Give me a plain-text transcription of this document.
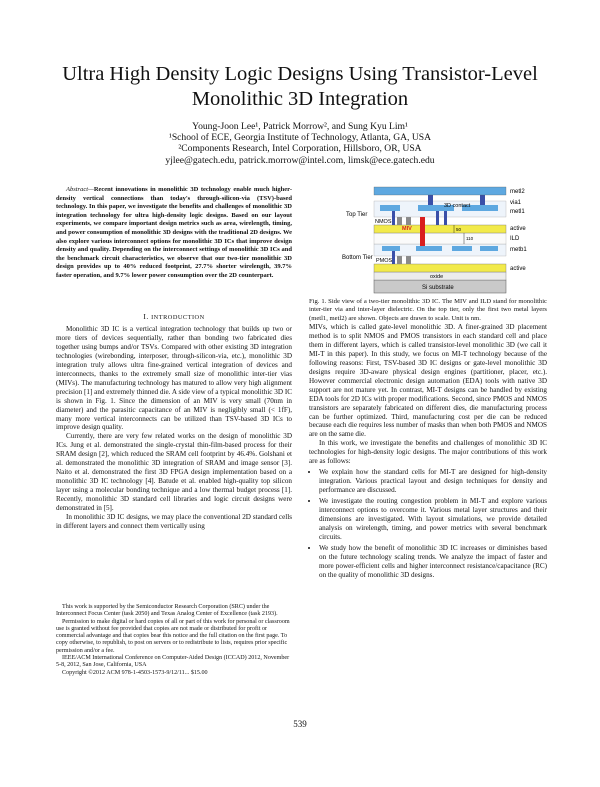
Ultra High Density Logic Designs Using Transistor-Level
Monolithic 3D Integration
Young-Joon Lee¹, Patrick Morrow², and Sung Kyu Lim¹
¹School of ECE, Georgia Institute of Technology, Atlanta, GA, USA
²Components Research, Intel Corporation, Hillsboro, OR, USA
yjlee@gatech.edu, patrick.morrow@intel.com, limsk@ece.gatech.edu

Abstract—Recent innovations in monolithic 3D technology enable much higher-density vertical connections than today's through-silicon-via (TSV)-based technology. In this paper, we investigate the benefits and challenges of monolithic 3D integration technology for ultra high-density logic designs. Based on our layout experiments, we compare important design metrics such as area, wirelength, timing, and power consumption of monolithic 3D designs with the traditional 2D designs. We also explore various interconnect options for monolithic 3D ICs that improve design density and quality. Depending on the interconnect settings of monolithic 3D ICs and the benchmark circuit characteristics, we observe that our two-tier monolithic 3D design provides up to 40% reduced footprint, 27.7% shorter wirelength, 39.7% faster operation, and 9.7% lower power consumption over the 2D counterpart.

I. INTRODUCTION

Monolithic 3D IC is a vertical integration technology that builds up two or more tiers of devices sequentially, rather than bonding two fabricated dies together using bumps and/or TSVs. Compared with other existing 3D integration technologies (wirebonding, interposer, through-silicon-via, etc.), monolithic 3D integration truly allows ultra fine-grained vertical integration of devices and interconnects, thanks to the extremely small size of monolithic inter-tier vias (MIVs). The manufacturing technology has matured to allow very high alignment precision [1] and extremely thinned die. A side view of a typical monolithic 3D IC is shown in Fig. 1. Since the dimension of an MIV is very small (70nm in diameter) and the parasitic capacitance of an MIV is negligibly small (< 1fF), many more vertical interconnects can be utilized than TSV-based 3D ICs to improve design quality.

Currently, there are very few related works on the design of monolithic 3D ICs. Jung et al. demonstrated the single-crystal thin-film-based process for their SRAM design [2], which reduced the SRAM cell footprint by 46.4%. Golshani et al. demonstrated the monolithic 3D integration of SRAM and image sensor [3]. Naito et al. demonstrated the first 3D FPGA design implementation based on a monolithic 3D IC technology [4]. Batude et al. enabled high-quality top silicon layer using a molecular bonding technique and a low thermal budget process [1]. Recently, monolithic 3D standard cell libraries and logic circuit designs were demonstrated in [5].

In monolithic 3D IC designs, we may place the conventional 2D standard cells in different layers and connect them vertically using

This work is supported by the Semiconductor Research Corporation (SRC) under the Interconnect Focus Center (task 2050) and Texas Analog Center of Excellence (task 2193).

Permission to make digital or hard copies of all or part of this work for personal or classroom use is granted without fee provided that copies are not made or distributed for profit or commercial advantage and that copies bear this notice and the full citation on the first page. To copy otherwise, to republish, to post on servers or to redistribute to lists, requires prior specific permission and/or a fee.

IEEE/ACM International Conference on Computer-Aided Design (ICCAD) 2012, November 5-8, 2012, San Jose, California, USA

Copyright ©2012 ACM 978-1-4503-1573-9/12/11... $15.00

Top Tier
Bottom Tier
metl2
via1
metl1
3D contact
NMOS
MIV	50
110
active
ILD
metb1
PMOS
active
oxide
Si substrate
Fig. 1. Side view of a two-tier monolithic 3D IC. The MIV and ILD stand for monolithic inter-tier via and inter-layer dielectric. On the top tier, only the first two metal layers (metl1, metl2) are shown. Objects are drawn to scale. Unit is nm.

MIVs, which is called gate-level monolithic 3D. A finer-grained 3D placement method is to split NMOS and PMOS transistors in each standard cell and place them in different layers, which is called transistor-level monolithic 3D (we call it MI-T in this paper). In this study, we focus on MI-T technology because of the following reasons: First, TSV-based 3D IC designs or gate-level monolithic 3D designs require 3D-aware physical design engines (partitioner, placer, etc.). However commercial electronic design automation (EDA) tools with native 3D support are not mature yet. In contrast, MI-T designs can be handled by existing EDA tools for 2D ICs with proper modifications. Second, since PMOS and NMOS transistors are separately fabricated on different dies, die manufacturing process can be further optimized. Third, manufacturing cost per die can be reduced because each die requires less number of masks than when both PMOS and NMOS are on the same die.

In this work, we investigate the benefits and challenges of monolithic 3D IC technologies for high-density logic designs. The major contributions of this work are as follows:

• We explain how the standard cells for MI-T are designed for high-density integration. Various practical layout and design techniques for density and performance are discussed.
• We investigate the routing congestion problem in MI-T and explore various interconnect options to overcome it. Various metal layer structures and their dimensions are investigated. With layout simulations, we provide detailed analysis on wirelength, timing, and power metrics with several benchmark circuits.
• We study how the benefit of monolithic 3D IC increases or diminishes based on the future technology scaling trends. We analyze the impact of faster and more power-efficient cells and higher interconnect resistance/capacitance (RC) on the quality of monolithic 3D designs.
539
